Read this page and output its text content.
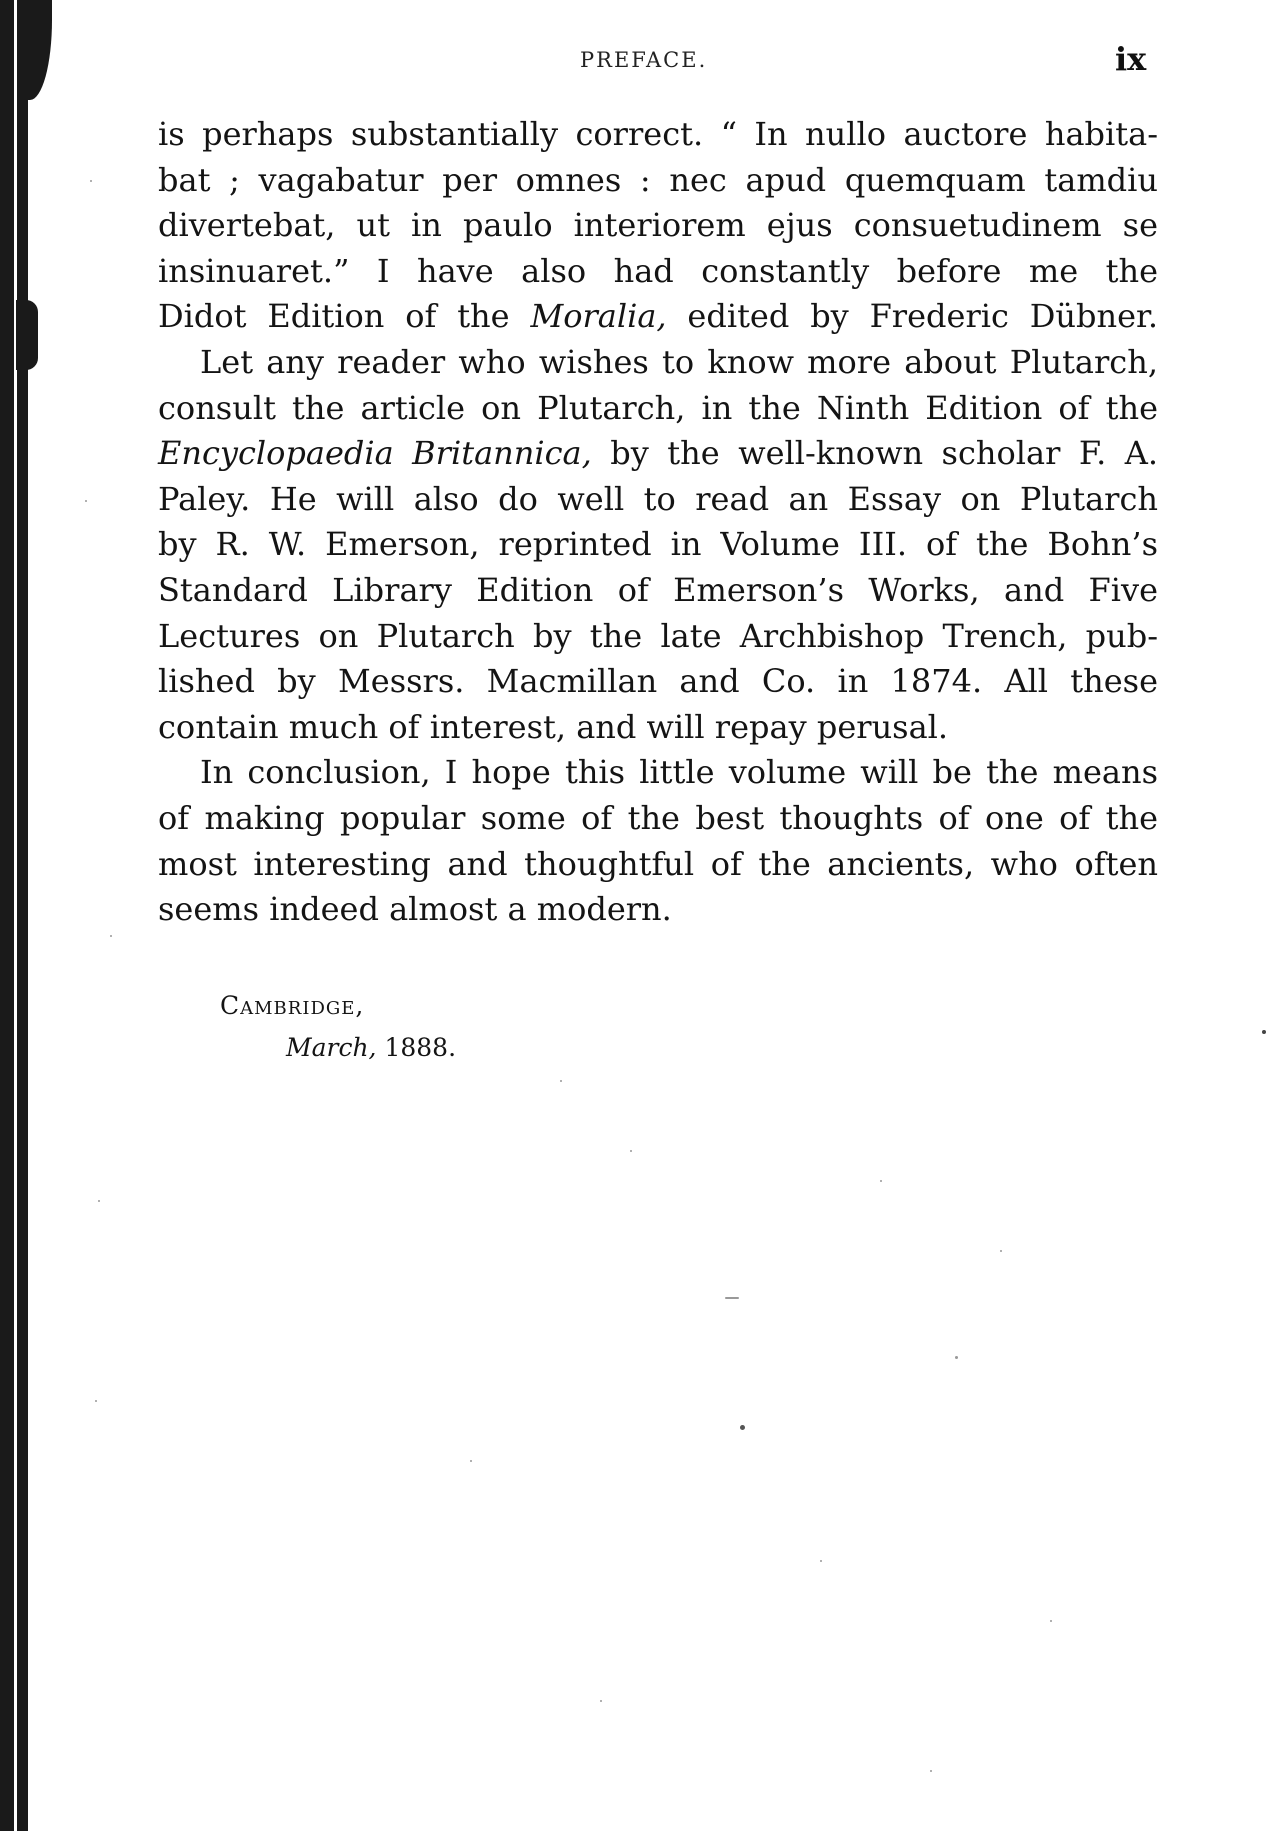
PREFACE.	ix
is perhaps substantially correct. “ In nullo auctore habita-
bat ; vagabatur per omnes : nec apud quemquam tamdiu
divertebat, ut in paulo interiorem ejus consuetudinem se
insinuaret.” I have also had constantly before me the
Didot Edition of the Moralia, edited by Frederic Dübner.
Let any reader who wishes to know more about Plutarch,
consult the article on Plutarch, in the Ninth Edition of the
Encyclopaedia Britannica, by the well-known scholar F. A.
Paley. He will also do well to read an Essay on Plutarch
by R. W. Emerson, reprinted in Volume III. of the Bohn’s
Standard Library Edition of Emerson’s Works, and Five
Lectures on Plutarch by the late Archbishop Trench, pub-
lished by Messrs. Macmillan and Co. in 1874. All these
contain much of interest, and will repay perusal.
In conclusion, I hope this little volume will be the means
of making popular some of the best thoughts of one of the
most interesting and thoughtful of the ancients, who often
seems indeed almost a modern.
Cambridge,
March, 1888.
